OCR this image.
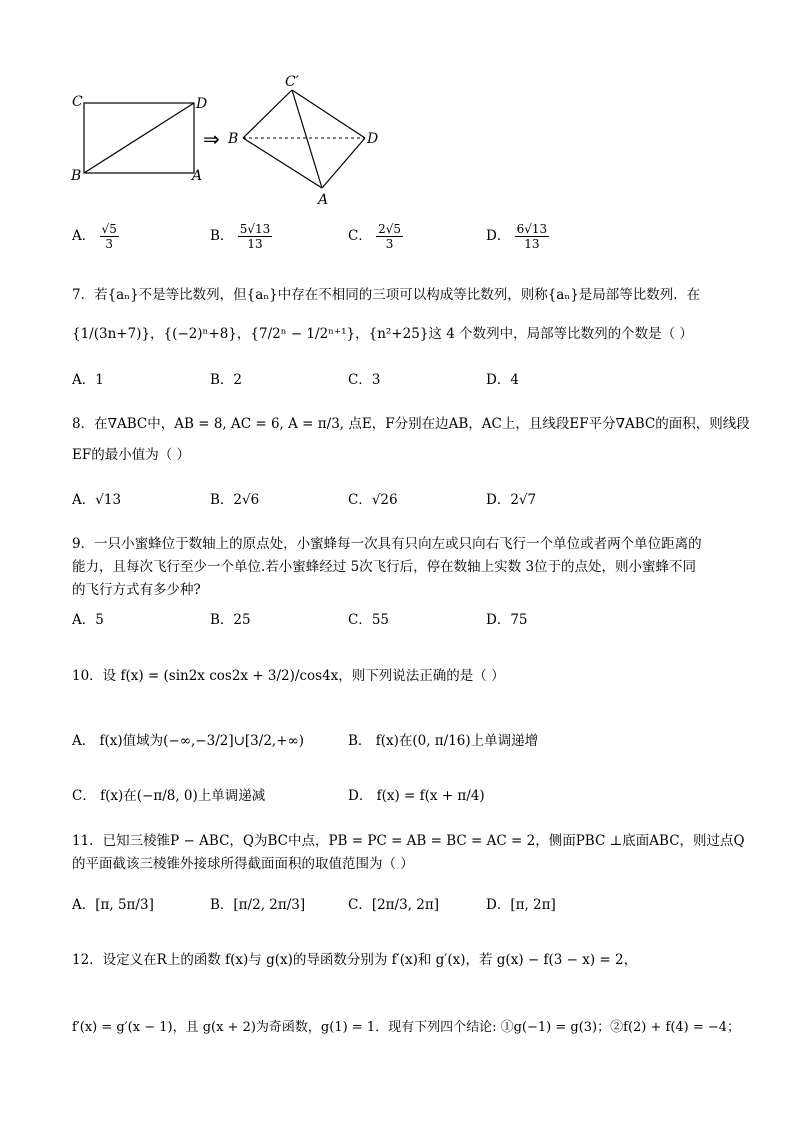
C	D
B	A
⇒
C′
B	D
A
A． $\frac{√5}{3}$	B． $\frac{5√13}{13}$	C． $\frac{2√5}{3}$	D． $\frac{6√13}{13}$
7．若{aₙ}不是等比数列，但{aₙ}中存在不相同的三项可以构成等比数列，则称{aₙ}是局部等比数列．在
{1/(3n+7)}，{(−2)ⁿ+8}，{7/2ⁿ − 1/2ⁿ⁺¹}，{n²+25}这 4 个数列中，局部等比数列的个数是（ ）
A．1	B．2	C．3	D．4
8．在∇ABC中，AB = 8, AC = 6, A = π/3, 点E，F分别在边AB，AC上，且线段EF平分∇ABC的面积，则线段
EF的最小值为（ ）
A．√13	B．2√6	C．√26	D．2√7
9．一只小蜜蜂位于数轴上的原点处，小蜜蜂每一次具有只向左或只向右飞行一个单位或者两个单位距离的
能力，且每次飞行至少一个单位.若小蜜蜂经过 5次飞行后，停在数轴上实数 3位于的点处，则小蜜蜂不同
的飞行方式有多少种?
A．5	B．25	C．55	D．75
10．设 f(x) = (sin2x cos2x + 3/2)/cos4x，则下列说法正确的是（ ）
A． f(x)值域为(−∞,−3/2]∪[3/2,+∞)	B． f(x)在(0, π/16)上单调递增
C． f(x)在(−π/8, 0)上单调递减	D． f(x) = f(x + π/4)
11．已知三棱锥P − ABC，Q为BC中点，PB = PC = AB = BC = AC = 2，侧面PBC ⊥底面ABC，则过点Q
的平面截该三棱锥外接球所得截面面积的取值范围为（ ）
A．[π, 5π/3]	B．[π/2, 2π/3]	C．[2π/3, 2π]	D．[π, 2π]
12．设定义在R上的函数 f(x)与 g(x)的导函数分别为 f′(x)和 g′(x)，若 g(x) − f(3 − x) = 2，
f′(x) = g′(x − 1)，且 g(x + 2)为奇函数，g(1) = 1．现有下列四个结论: ①g(−1) = g(3)；②f(2) + f(4) = −4；
